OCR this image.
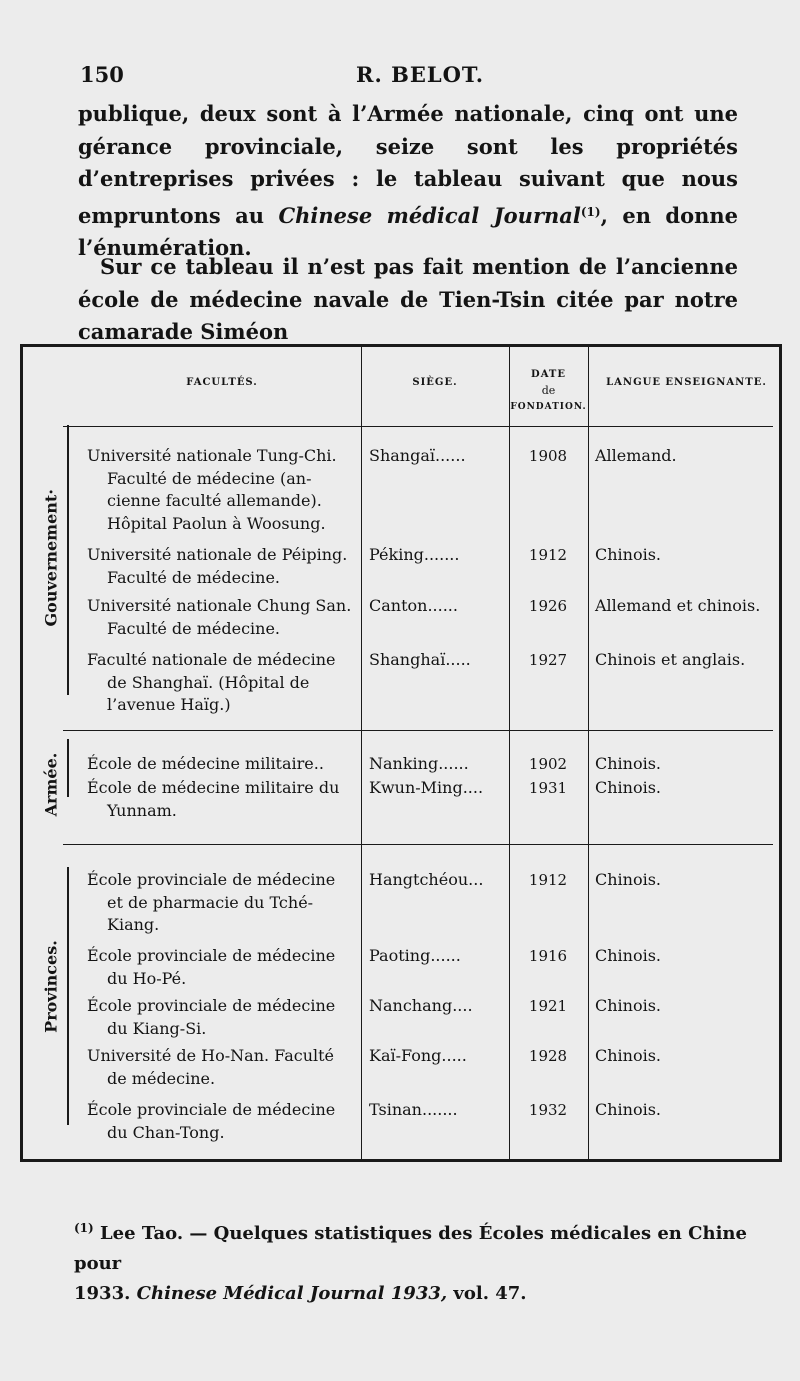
150	R. BELOT.
publique, deux sont à l’Armée nationale, cinq ont une gérance provinciale, seize sont les propriétés d’entreprises privées : le tableau suivant que nous empruntons au Chinese médical Journal$^{(1)}$, en donne l’énumération.
Sur ce tableau il n’est pas fait mention de l’ancienne école de médecine navale de Tien-Tsin citée par notre camarade Siméon
FACULTÉS.	SIÈGE.
DATE
de
FONDATION.
LANGUE ENSEIGNANTE.
Gouvernement·
Université nationale Tung-Chi.
Faculté de médecine (an-
cienne faculté allemande).
Hôpital Paolun à Woosung.
Shangaï......	1908	Allemand.
Université nationale de Péiping.
Faculté de médecine.
Péking.......	1912	Chinois.
Université nationale Chung San.
Faculté de médecine.
Canton......	1926	Allemand et chinois.
Faculté nationale de médecine
de Shanghaï. (Hôpital de
l’avenue Haïg.)
Shanghaï.....	1927	Chinois et anglais.
Armée. École de médecine militaire..	Nanking......	1902	Chinois.
École de médecine militaire du
Yunnam.
Kwun-Ming....	1931	Chinois.
Provinces.
École provinciale de médecine
et de pharmacie du Tché-
Kiang.
Hangtchéou...	1912	Chinois.
École provinciale de médecine
du Ho-Pé.
Paoting......	1916	Chinois.
École provinciale de médecine
du Kiang-Si.
Nanchang....	1921	Chinois.
Université de Ho-Nan. Faculté
de médecine.
Kaï-Fong.....	1928	Chinois.
École provinciale de médecine
du Chan-Tong.
Tsinan.......	1932	Chinois.
$^{(1)}$ Lee Tao. — Quelques statistiques des Écoles médicales en Chine pour
1933. Chinese Médical Journal 1933, vol. 47.
